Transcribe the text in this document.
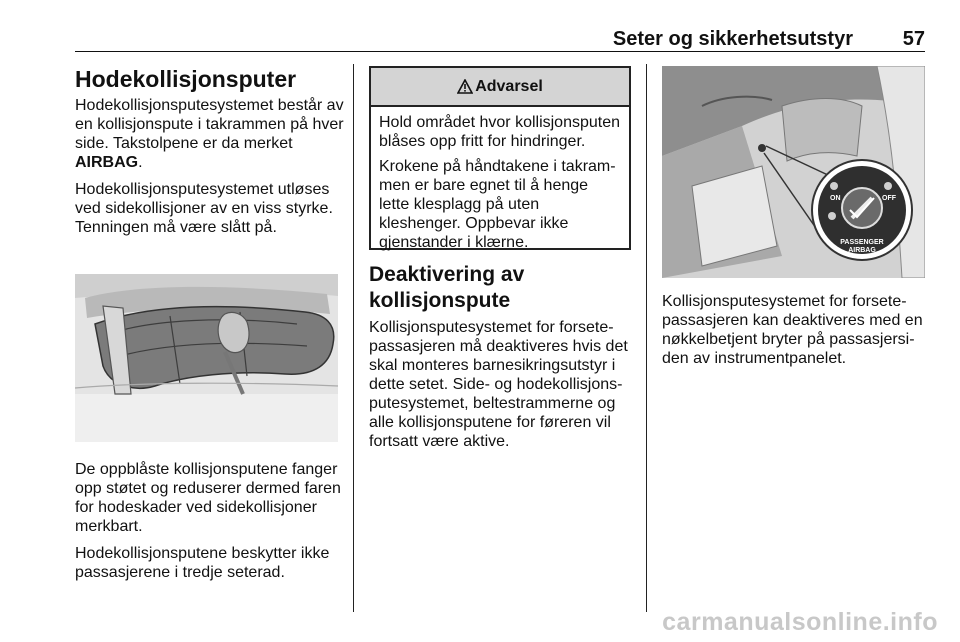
Seter og sikkerhetsutstyr 57
Hodekollisjonsputer

Hodekollisjonsputesystemet består av en kollisjonspute i takrammen på hver side. Takstolpene er da merket AIRBAG.

Hodekollisjonsputesystemet utløses ved sidekollisjoner av en viss styrke. Tenningen må være slått på.

De oppblåste kollisjonsputene fanger opp støtet og reduserer dermed faren for hodeskader ved sidekollisjoner merkbart.

Hodekollisjonsputene beskytter ikke passasjerene i tredje seterad.

Advarsel

Hold området hvor kollisjonsputen blåses opp fritt for hindringer.

Krokene på håndtakene i takram-men er bare egnet til å henge lette klesplagg på uten kleshenger. Oppbevar ikke gjenstander i klærne.

Deaktivering av kollisjonspute

Kollisjonsputesystemet for forsete-passasjeren må deaktiveres hvis det skal monteres barnesikringsutstyr i dette setet. Side- og hodekollisjons-putesystemet, beltestrammerne og alle kollisjonsputene for føreren vil fortsatt være aktive.

ON	OFF
PASSENGER
AIRBAG

Kollisjonsputesystemet for forsete-passasjeren kan deaktiveres med en nøkkelbetjent bryter på passasjersi-den av instrumentpanelet.

carmanualsonline.info
